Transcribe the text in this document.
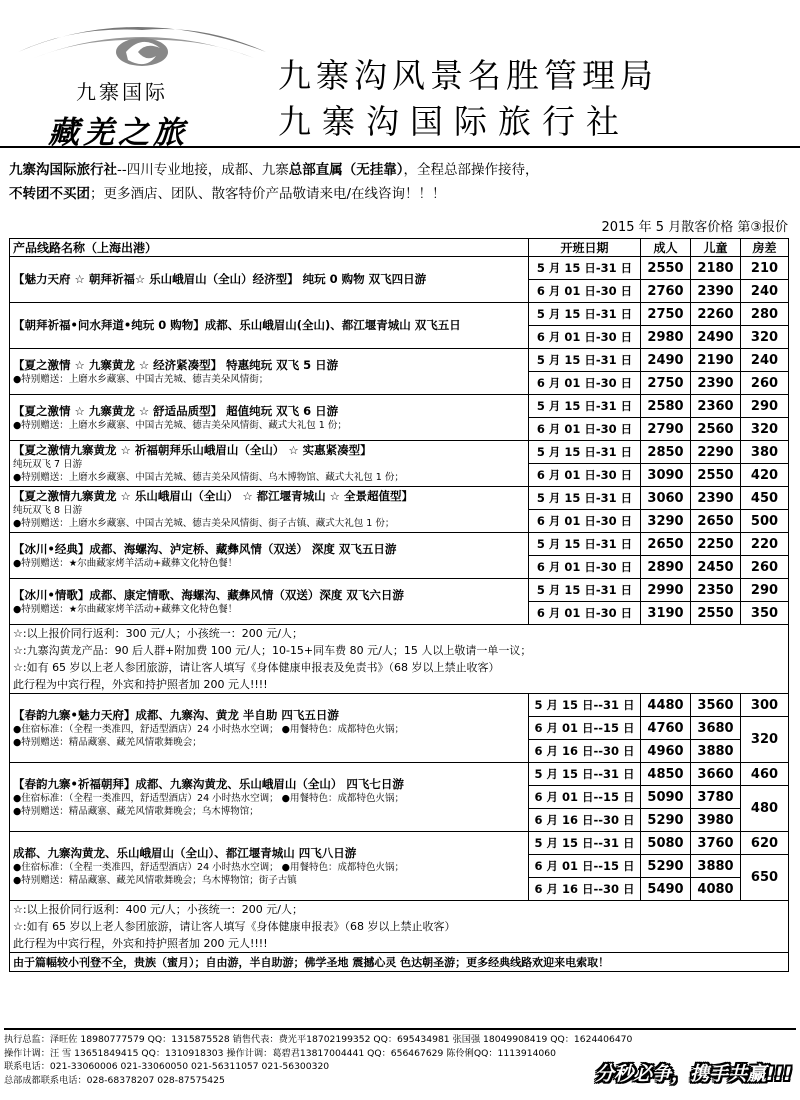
九寨国际
藏羌之旅
九寨沟风景名胜管理局
九寨沟国际旅行社
九寨沟国际旅行社--四川专业地接，成都、九寨总部直属（无挂靠），全程总部操作接待，
不转团不买团；更多酒店、团队、散客特价产品敬请来电/在线咨询！！！
2015 年 5 月散客价格 第③报价
产品线路名称（上海出港）	开班日期	成人	儿童	房差

【魅力天府 ☆ 朝拜祈福☆ 乐山峨眉山（全山）经济型】 纯玩 0 购物 双飞四日游	5 月 15 日-31 日	2550	2180	210
	6 月 01 日-30 日	2760	2390	240

【朝拜祈福•问水拜道•纯玩 0 购物】成都、乐山峨眉山(全山)、都江堰青城山 双飞五日	5 月 15 日-31 日	2750	2260	280
	6 月 01 日-30 日	2980	2490	320

【夏之激情 ☆ 九寨黄龙 ☆ 经济紧凑型】 特惠纯玩 双飞 5 日游
●特别赠送：上磨水乡藏寨、中国古羌城、德吉美朵风情街；	5 月 15 日-31 日	2490	2190	240
	6 月 01 日-30 日	2750	2390	260

【夏之激情 ☆ 九寨黄龙 ☆ 舒适品质型】 超值纯玩 双飞 6 日游
●特别赠送：上磨水乡藏寨、中国古羌城、德吉美朵风情街、藏式大礼包 1 份；	5 月 15 日-31 日	2580	2360	290
	6 月 01 日-30 日	2790	2560	320

【夏之激情九寨黄龙 ☆ 祈福朝拜乐山峨眉山（全山） ☆ 实惠紧凑型】
纯玩双飞 7 日游
●特别赠送：上磨水乡藏寨、中国古羌城、德吉美朵风情街、乌木博物馆、藏式大礼包 1 份；	5 月 15 日-31 日	2850	2290	380
	6 月 01 日-30 日	3090	2550	420

【夏之激情九寨黄龙 ☆ 乐山峨眉山（全山） ☆ 都江堰青城山 ☆ 全景超值型】
纯玩双飞 8 日游
●特别赠送：上磨水乡藏寨、中国古羌城、德吉美朵风情街、街子古镇、藏式大礼包 1 份；	5 月 15 日-31 日	3060	2390	450
	6 月 01 日-30 日	3290	2650	500

【冰川•经典】成都、海螺沟、泸定桥、藏彝风情（双送） 深度 双飞五日游
●特别赠送：★尔曲藏家烤羊活动+藏彝文化特色餐！	5 月 15 日-31 日	2650	2250	220
	6 月 01 日-30 日	2890	2450	260

【冰川•情歌】成都、康定情歌、海螺沟、藏彝风情（双送）深度 双飞六日游
●特别赠送：★尔曲藏家烤羊活动+藏彝文化特色餐！	5 月 15 日-31 日	2990	2350	290
	6 月 01 日-30 日	3190	2550	350

☆:以上报价同行返利：300 元/人；小孩统一：200 元/人；
☆:九寨沟黄龙产品：90 后人群+附加费 100 元/人；10-15+同车费 80 元/人；15 人以上敬请一单一议；
☆:如有 65 岁以上老人参团旅游，请让客人填写《身体健康申报表及免责书》（68 岁以上禁止收客）
此行程为中宾行程，外宾和持护照者加 200 元人!!!!				

【春韵九寨•魅力天府】成都、九寨沟、黄龙 半自助 四飞五日游
●住宿标准：（全程一类准四，舒适型酒店）24 小时热水空调； ●用餐特色：成都特色火锅；
●特别赠送：精品藏寨、藏羌风情歌舞晚会；	5 月 15 日--31 日	4480	3560	300
	6 月 01 日--15 日	4760	3680	320
	6 月 16 日--30 日	4960	3880	

【春韵九寨•祈福朝拜】成都、九寨沟黄龙、乐山峨眉山（全山） 四飞七日游
●住宿标准：（全程一类准四，舒适型酒店）24 小时热水空调； ●用餐特色：成都特色火锅；
●特别赠送：精品藏寨、藏羌风情歌舞晚会；乌木博物馆；	5 月 15 日--31 日	4850	3660	460
	6 月 01 日--15 日	5090	3780	480
	6 月 16 日--30 日	5290	3980	

成都、九寨沟黄龙、乐山峨眉山（全山）、都江堰青城山 四飞八日游
●住宿标准：（全程一类准四，舒适型酒店）24 小时热水空调； ●用餐特色：成都特色火锅；
●特别赠送：精品藏寨、藏羌风情歌舞晚会；乌木博物馆；街子古镇	5 月 15 日--31 日	5080	3760	620
	6 月 01 日--15 日	5290	3880	650
	6 月 16 日--30 日	5490	4080	

☆:以上报价同行返利：400 元/人；小孩统一：200 元/人；
☆:如有 65 岁以上老人参团旅游，请让客人填写《身体健康申报表》（68 岁以上禁止收客）
此行程为中宾行程，外宾和持护照者加 200 元人!!!!				

由于篇幅较小刊登不全，贵族（蜜月）；自由游，半自助游；佛学圣地 震撼心灵 色达朝圣游；更多经典线路欢迎来电索取！				
执行总监：泽旺佐 18980777579 QQ：1315875528 销售代表：费光平18702199352 QQ：695434981 张国强 18049908419 QQ：1624406470
操作计调：汪 雪 13651849415 QQ：1310918303 操作计调：葛碧君13817004441 QQ：656467629 陈伶俐QQ：1113914060
联系电话：021-33060006 021-33060050 021-56311057 021-56300320
总部成都联系电话：028-68378207 028-87575425	分秒必争，携手共赢!!!
